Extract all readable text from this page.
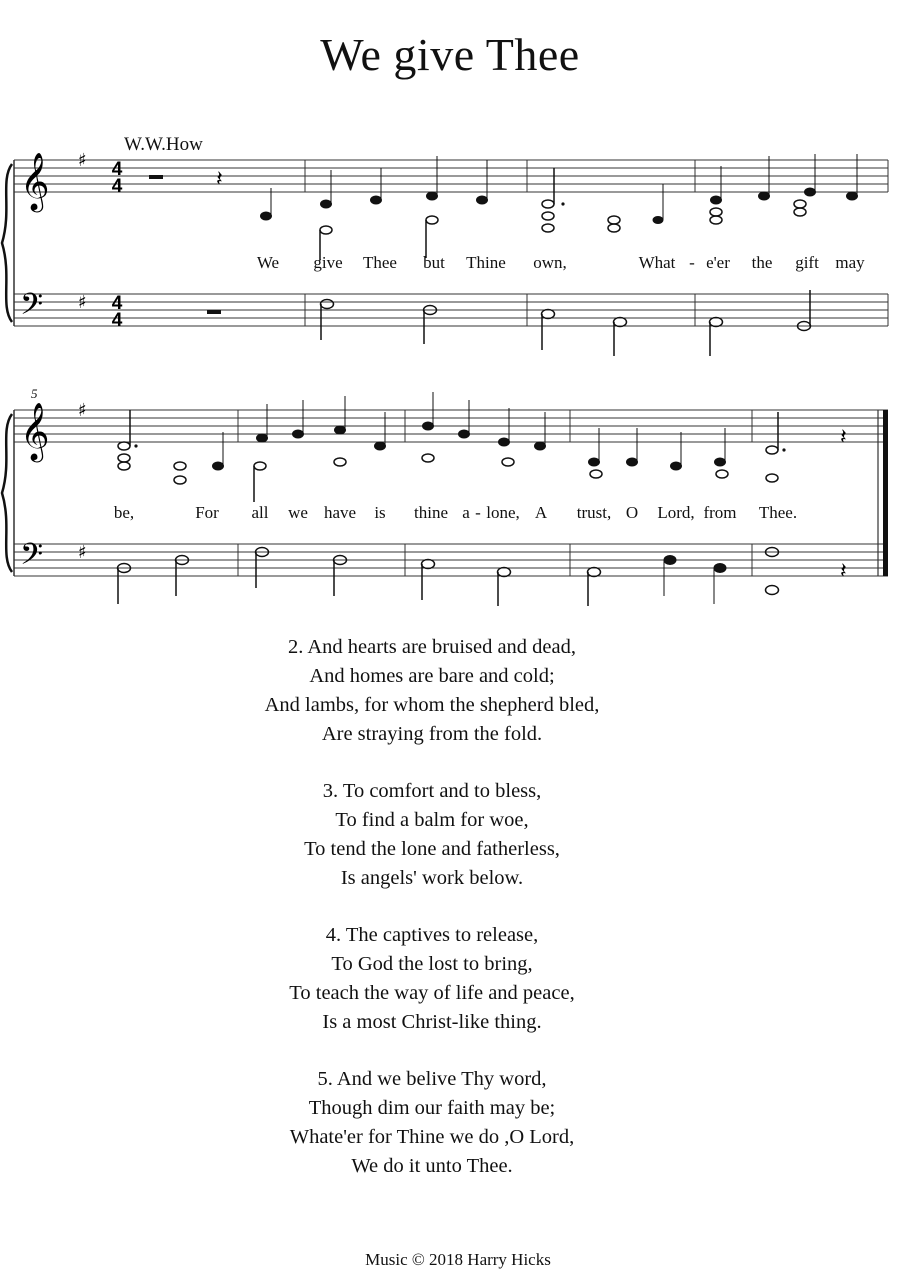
We give Thee
W.W.How
5
𝄞
𝄢
♯
♯
4
4
4
4
𝄽
We give Thee but Thine own,	What - e'er the gift may
𝄞
𝄢
♯
♯
𝄽
𝄽
be,	For all we have is thine a - lone, A trust, O Lord, from Thee.
2. And hearts are bruised and dead,
And homes are bare and cold;
And lambs, for whom the shepherd bled,
Are straying from the fold.
3. To comfort and to bless,
To find a balm for woe,
To tend the lone and fatherless,
Is angels' work below.
4. The captives to release,
To God the lost to bring,
To teach the way of life and peace,
Is a most Christ-like thing.
5. And we belive Thy word,
Though dim our faith may be;
Whate'er for Thine we do ,O Lord,
We do it unto Thee.
Music © 2018 Harry Hicks
